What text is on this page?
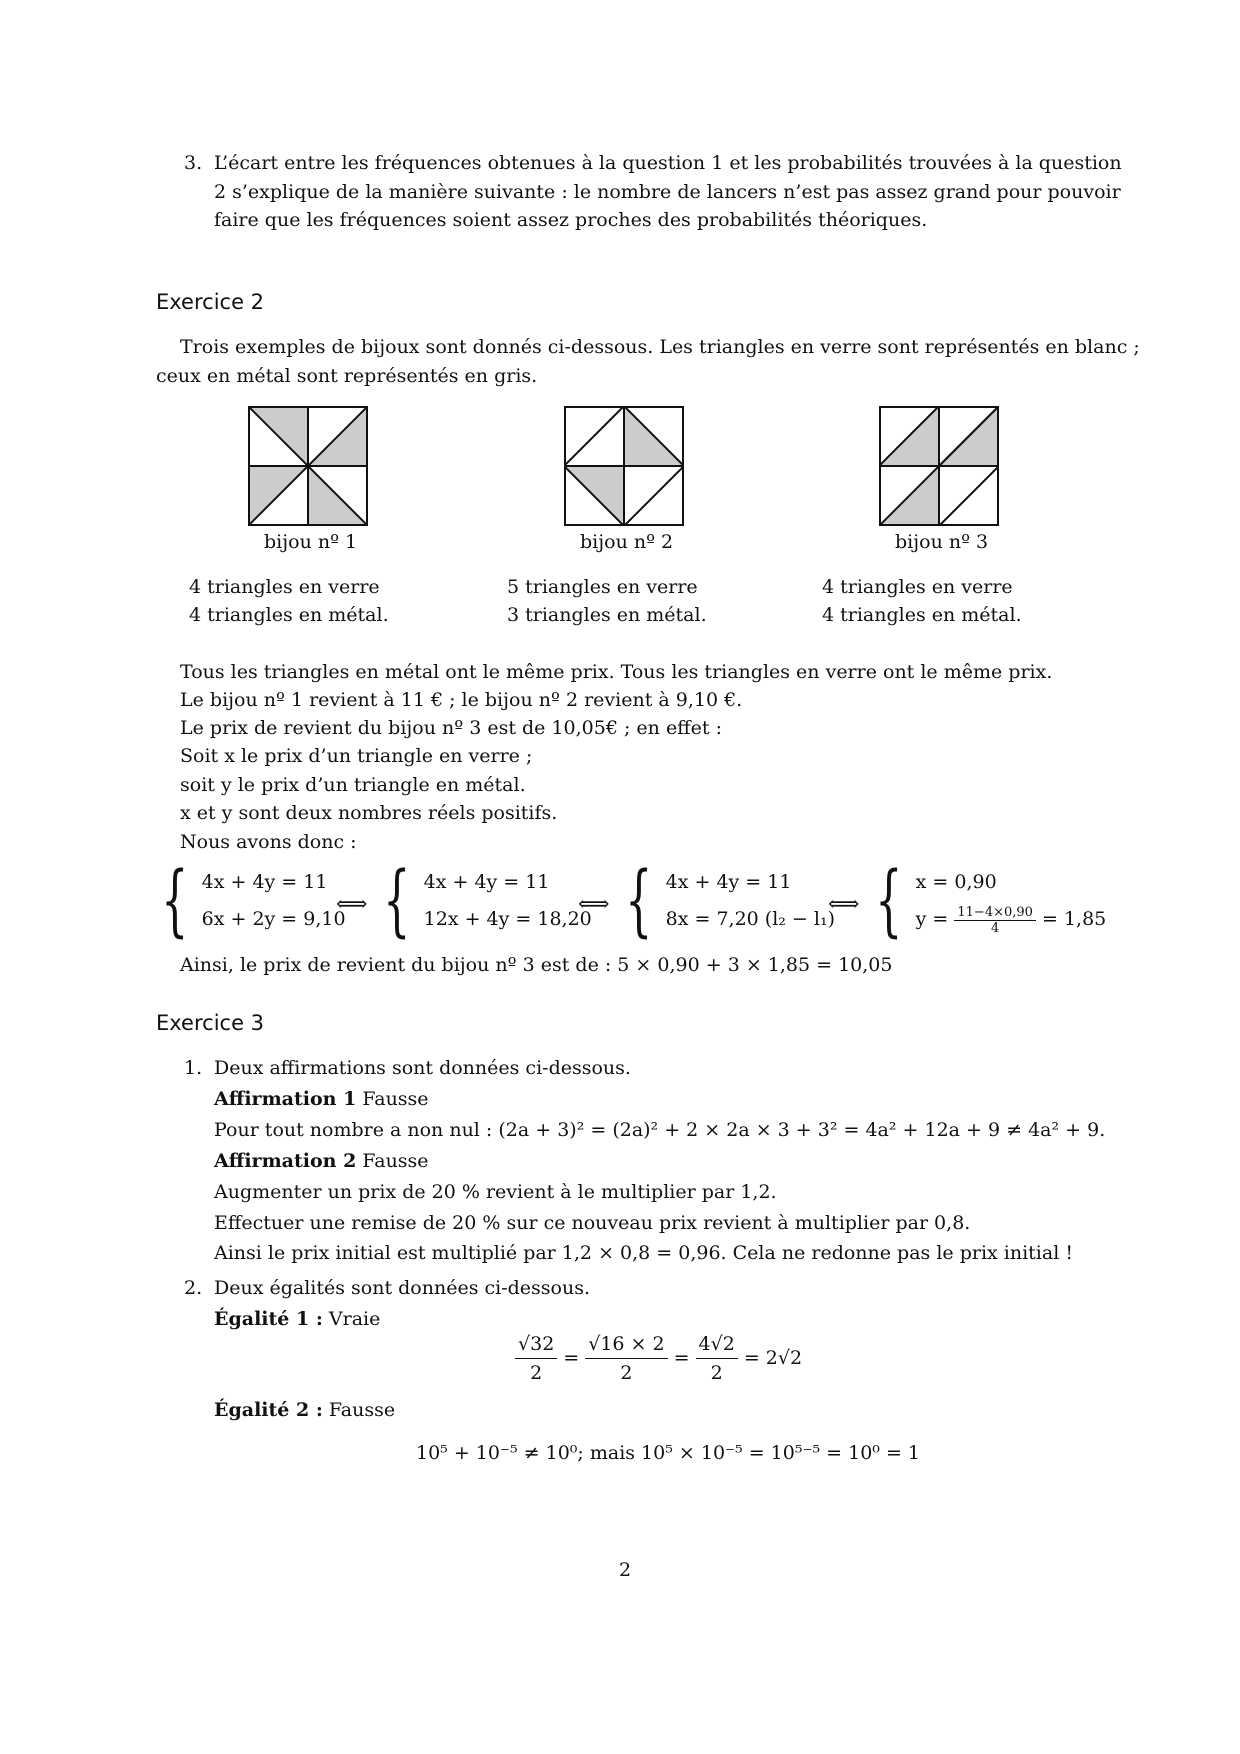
3. L’écart entre les fréquences obtenues à la question 1 et les probabilités trouvées à la question
2 s’explique de la manière suivante : le nombre de lancers n’est pas assez grand pour pouvoir
faire que les fréquences soient assez proches des probabilités théoriques.
Exercice 2
Trois exemples de bijoux sont donnés ci-dessous. Les triangles en verre sont représentés en blanc ;
ceux en métal sont représentés en gris.
bijou nº 1	bijou nº 2	bijou nº 3
4 triangles en verre
4 triangles en métal.
5 triangles en verre
3 triangles en métal.
4 triangles en verre
4 triangles en métal.
Tous les triangles en métal ont le même prix. Tous les triangles en verre ont le même prix.
Le bijou nº 1 revient à 11 € ; le bijou nº 2 revient à 9,10 €.
Le prix de revient du bijou nº 3 est de 10,05€ ; en effet :
Soit x le prix d’un triangle en verre ;
soit y le prix d’un triangle en métal.
x et y sont deux nombres réels positifs.
Nous avons donc :
{ 4x + 4y = 11
6x + 2y = 9,10
⟺ { 4x + 4y = 11
12x + 4y = 18,20
⟺ { 4x + 4y = 11
8x = 7,20 (l₂ − l₁)
⟺ { x = 0,90
$y = \frac{11-4\times 0,90}{4} = 1,85$
Ainsi, le prix de revient du bijou nº 3 est de : 5 × 0,90 + 3 × 1,85 = 10,05
Exercice 3
1. Deux affirmations sont données ci-dessous.
Affirmation 1 Fausse
Pour tout nombre a non nul : (2a + 3)² = (2a)² + 2 × 2a × 3 + 3² = 4a² + 12a + 9 ≠ 4a² + 9.
Affirmation 2 Fausse
Augmenter un prix de 20 % revient à le multiplier par 1,2.
Effectuer une remise de 20 % sur ce nouveau prix revient à multiplier par 0,8.
Ainsi le prix initial est multiplié par 1,2 × 0,8 = 0,96. Cela ne redonne pas le prix initial !
2. Deux égalités sont données ci-dessous.
Égalité 1 : Vraie
$\frac{√32}{2} = \frac{√16 \times 2}{2} = \frac{4√2}{2} = 2√2$
Égalité 2 : Fausse
10⁵ + 10⁻⁵ ≠ 10⁰; mais 10⁵ × 10⁻⁵ = 10⁵⁻⁵ = 10⁰ = 1
2
